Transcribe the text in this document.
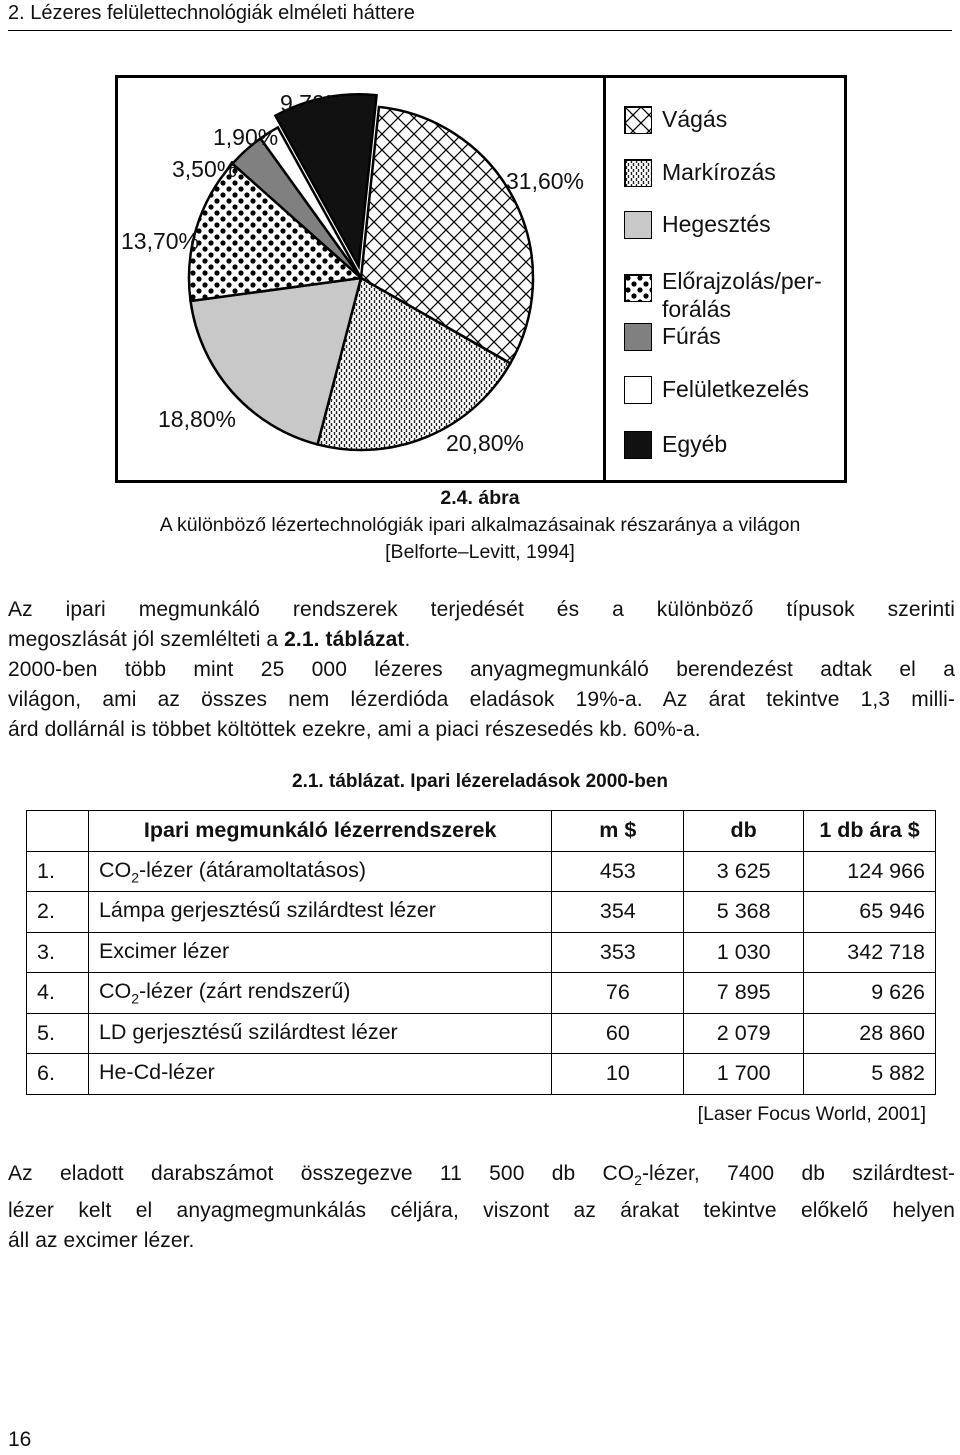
2. Lézeres felülettechnológiák elméleti háttere
31,60%
20,80%
18,80%
13,70%
3,50%
1,90%
9,70%
Vágás
Markírozás
Hegesztés
Előrajzolás/per-
forálás
Fúrás
Felületkezelés
Egyéb
2.4. ábra
A különböző lézertechnológiák ipari alkalmazásainak részaránya a világon
[Belforte–Levitt, 1994]

Az ipari megmunkáló rendszerek terjedését és a különböző típusok szerinti

megoszlását jól szemlélteti a 2.1. táblázat.

2000-ben több mint 25 000 lézeres anyagmegmunkáló berendezést adtak el a

világon, ami az összes nem lézerdióda eladások 19%-a. Az árat tekintve 1,3 milli-

árd dollárnál is többet költöttek ezekre, ami a piaci részesedés kb. 60%-a.

2.1. táblázat. Ipari lézereladások 2000-ben
	Ipari megmunkáló lézerrendszerek	m $	db	1 db ára $
1.	$CO_2$-lézer (átáramoltatásos)	453	3 625	124 966
2.	Lámpa gerjesztésű szilárdtest lézer	354	5 368	65 946
3.	Excimer lézer	353	1 030	342 718
4.	$CO_2$-lézer (zárt rendszerű)	76	7 895	9 626
5.	LD gerjesztésű szilárdtest lézer	60	2 079	28 860
6.	He-Cd-lézer	10	1 700	5 882
[Laser Focus World, 2001]

Az eladott darabszámot összegezve 11 500 db $CO_2$-lézer, 7400 db szilárdtest-

lézer kelt el anyagmegmunkálás céljára, viszont az árakat tekintve előkelő helyen

áll az excimer lézer.

16
